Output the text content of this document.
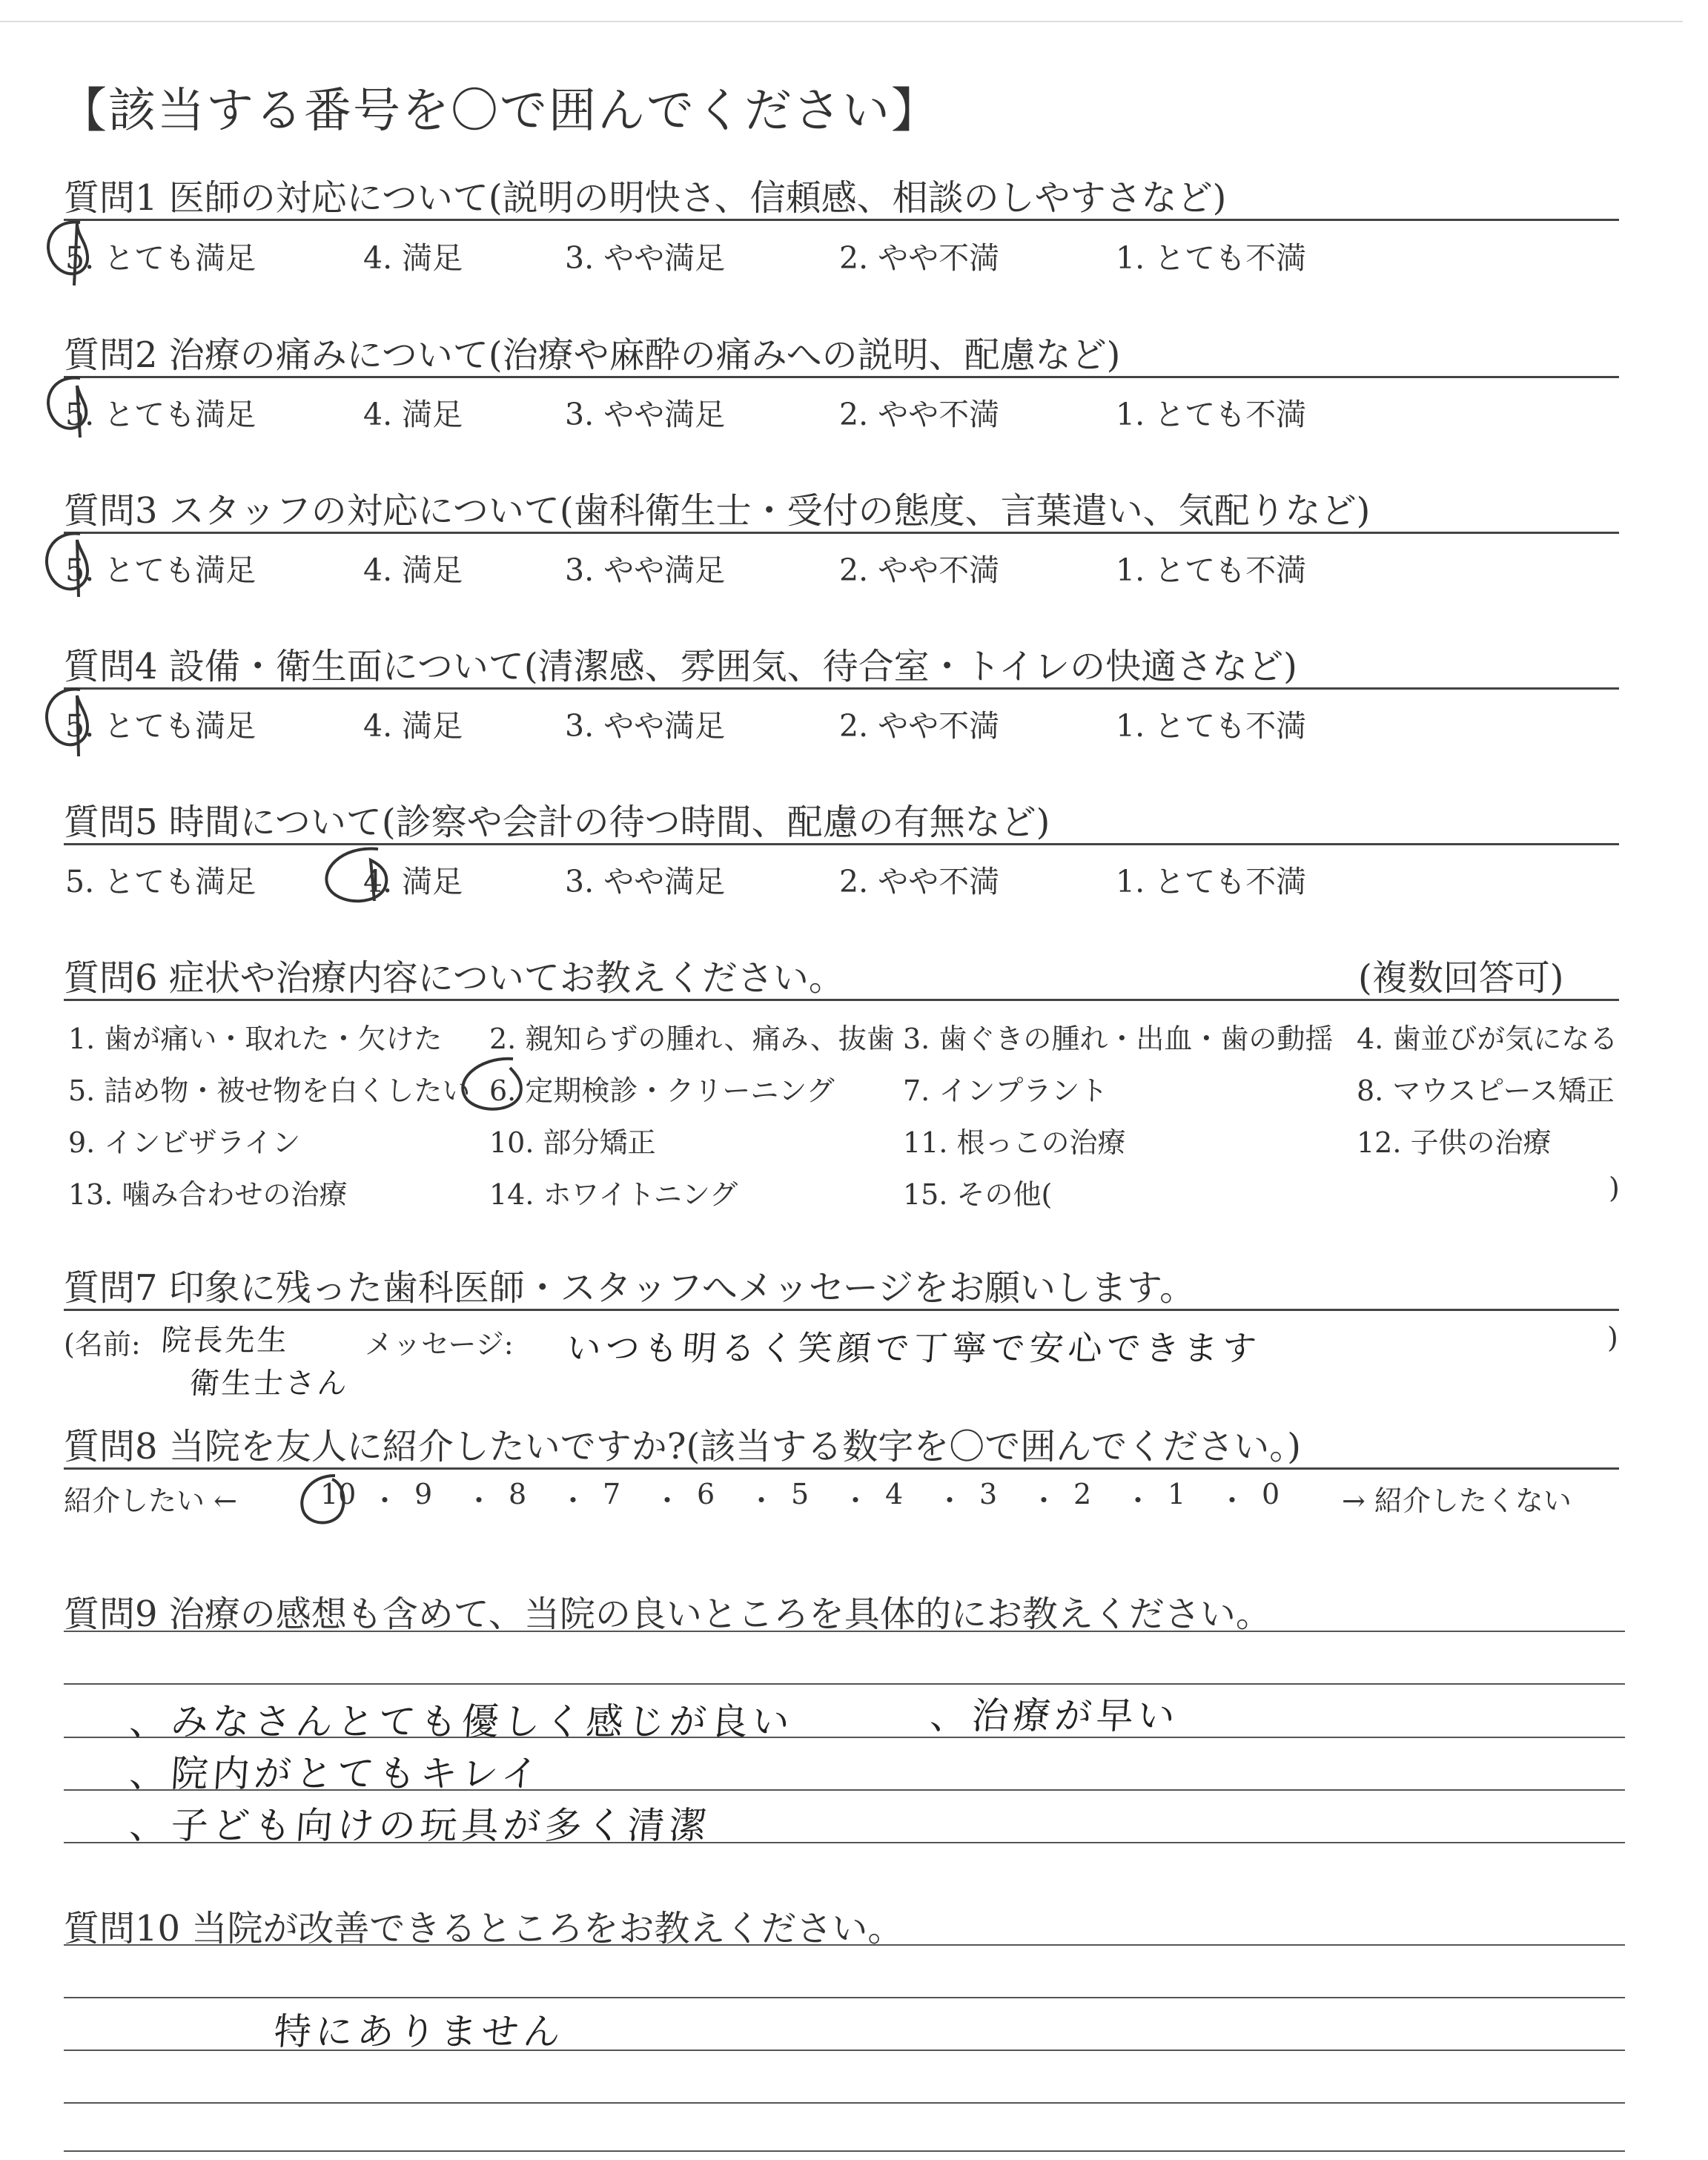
【該当する番号を〇で囲んでください】
質問1 医師の対応について(説明の明快さ、信頼感、相談のしやすさなど)
5. とても満足	4. 満足	3. やや満足	2. やや不満	1. とても不満
質問2 治療の痛みについて(治療や麻酔の痛みへの説明、配慮など)
5. とても満足	4. 満足	3. やや満足	2. やや不満	1. とても不満
質問3 スタッフの対応について(歯科衛生士・受付の態度、言葉遣い、気配りなど)
5. とても満足	4. 満足	3. やや満足	2. やや不満	1. とても不満
質問4 設備・衛生面について(清潔感、雰囲気、待合室・トイレの快適さなど)
5. とても満足	4. 満足	3. やや満足	2. やや不満	1. とても不満
質問5 時間について(診察や会計の待つ時間、配慮の有無など)
5. とても満足	4. 満足	3. やや満足	2. やや不満	1. とても不満
質問6 症状や治療内容についてお教えください。	(複数回答可)
1. 歯が痛い・取れた・欠けた 2. 親知らずの腫れ、痛み、抜歯 3. 歯ぐきの腫れ・出血・歯の動揺 4. 歯並びが気になる
5. 詰め物・被せ物を白くしたい 6. 定期検診・クリーニング 7. インプラント	8. マウスピース矯正
9. インビザライン	10. 部分矯正	11. 根っこの治療	12. 子供の治療
13. 噛み合わせの治療	14. ホワイトニング	15. その他(	)
質問7 印象に残った歯科医師・スタッフへメッセージをお願いします。
(名前: 院長先生
衛生士さん
メッセージ: いつも明るく笑顔で丁寧で安心できます	)
質問8 当院を友人に紹介したいですか?(該当する数字を〇で囲んでください。)
紹介したい ←	10 ・ 9 ・ 8 ・ 7 ・ 6 ・ 5 ・ 4 ・ 3 ・ 2 ・ 1 ・ 0 → 紹介したくない
質問9 治療の感想も含めて、当院の良いところを具体的にお教えください。
、みなさんとても優しく感じが良い	、治療が早い
、院内がとてもキレイ
、子ども向けの玩具が多く清潔
質問10 当院が改善できるところをお教えください。
特にありません
